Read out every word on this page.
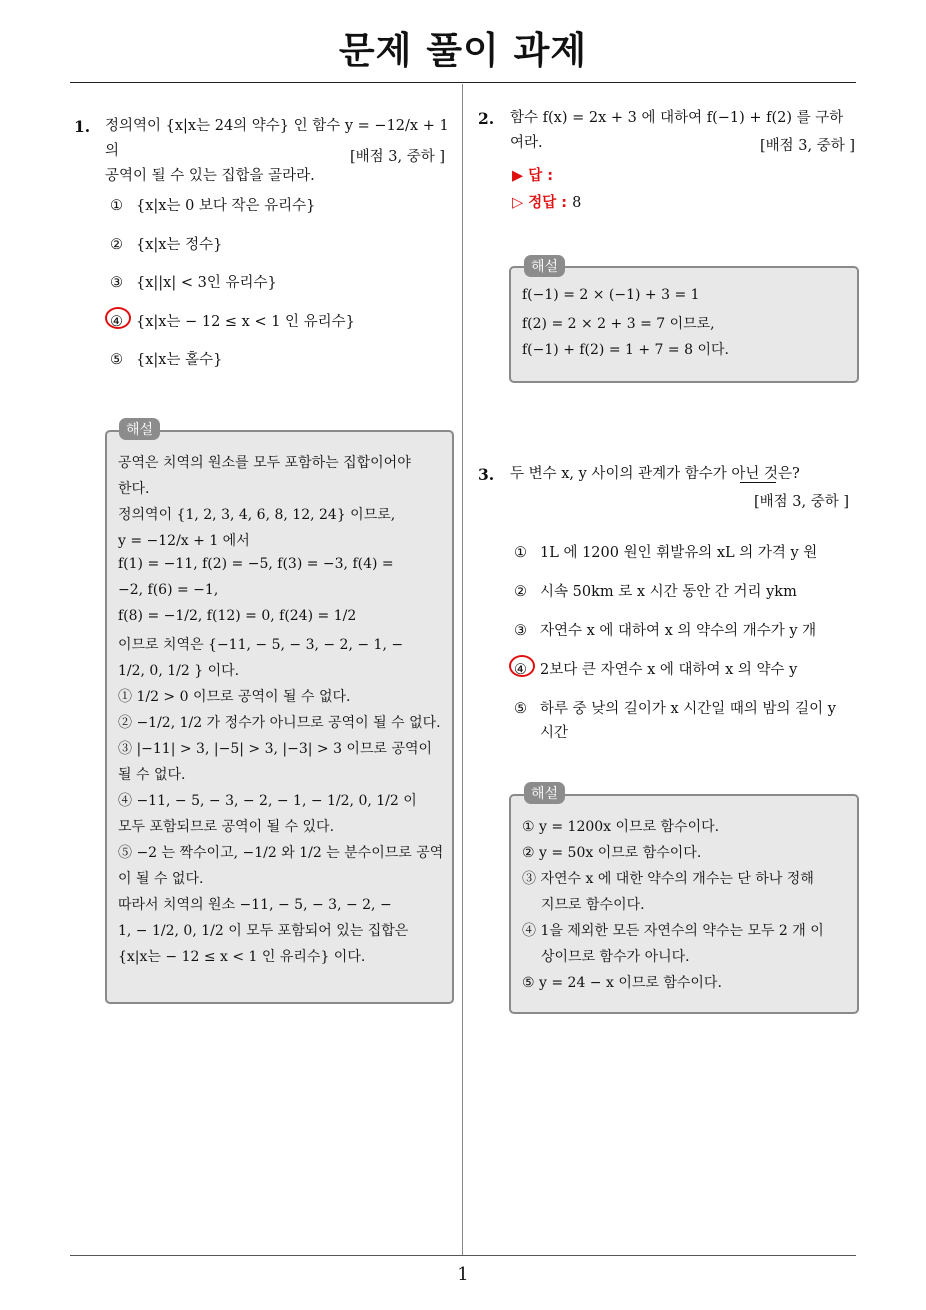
문제 풀이 과제
1. 정의역이 {x|x는 24의 약수} 인 함수 y = −12/x + 1 의
공역이 될 수 있는 집합을 골라라.
[배점 3, 중하 ]
① {x|x는 0 보다 작은 유리수}
② {x|x는 정수}
③ {x||x| < 3인 유리수}
④ {x|x는 − 12 ≤ x < 1 인 유리수}
⑤ {x|x는 홀수}
해설
공역은 치역의 원소를 모두 포함하는 집합이어야
한다.
정의역이 {1, 2, 3, 4, 6, 8, 12, 24} 이므로,
y = −12/x + 1 에서
f(1) = −11, f(2) = −5, f(3) = −3, f(4) =
−2, f(6) = −1,
f(8) = −1/2, f(12) = 0, f(24) = 1/2
이므로 치역은 {−11, − 5, − 3, − 2, − 1, −
1/2, 0, 1/2 } 이다.
① 1/2 > 0 이므로 공역이 될 수 없다.
② −1/2, 1/2 가 정수가 아니므로 공역이 될 수 없다.
③ |−11| > 3, |−5| > 3, |−3| > 3 이므로 공역이
될 수 없다.
④ −11, − 5, − 3, − 2, − 1, − 1/2, 0, 1/2 이
모두 포함되므로 공역이 될 수 있다.
⑤ −2 는 짝수이고, −1/2 와 1/2 는 분수이므로 공역
이 될 수 없다.
따라서 치역의 원소 −11, − 5, − 3, − 2, −
1, − 1/2, 0, 1/2 이 모두 포함되어 있는 집합은
{x|x는 − 12 ≤ x < 1 인 유리수} 이다.
2. 함수 f(x) = 2x + 3 에 대하여 f(−1) + f(2) 를 구하
여라.	[배점 3, 중하 ]
▶ 답 :
▷ 정답 : 8
해설
f(−1) = 2 × (−1) + 3 = 1
f(2) = 2 × 2 + 3 = 7 이므로,
f(−1) + f(2) = 1 + 7 = 8 이다.
3. 두 변수 x, y 사이의 관계가 함수가 아닌 것은?
[배점 3, 중하 ]
① 1L 에 1200 원인 휘발유의 xL 의 가격 y 원
② 시속 50km 로 x 시간 동안 간 거리 ykm
③ 자연수 x 에 대하여 x 의 약수의 개수가 y 개
④ 2보다 큰 자연수 x 에 대하여 x 의 약수 y
⑤ 하루 중 낮의 길이가 x 시간일 때의 밤의 길이 y
시간
해설
① y = 1200x 이므로 함수이다.
② y = 50x 이므로 함수이다.
③ 자연수 x 에 대한 약수의 개수는 단 하나 정해
지므로 함수이다.
④ 1을 제외한 모든 자연수의 약수는 모두 2 개 이
상이므로 함수가 아니다.
⑤ y = 24 − x 이므로 함수이다.
1
